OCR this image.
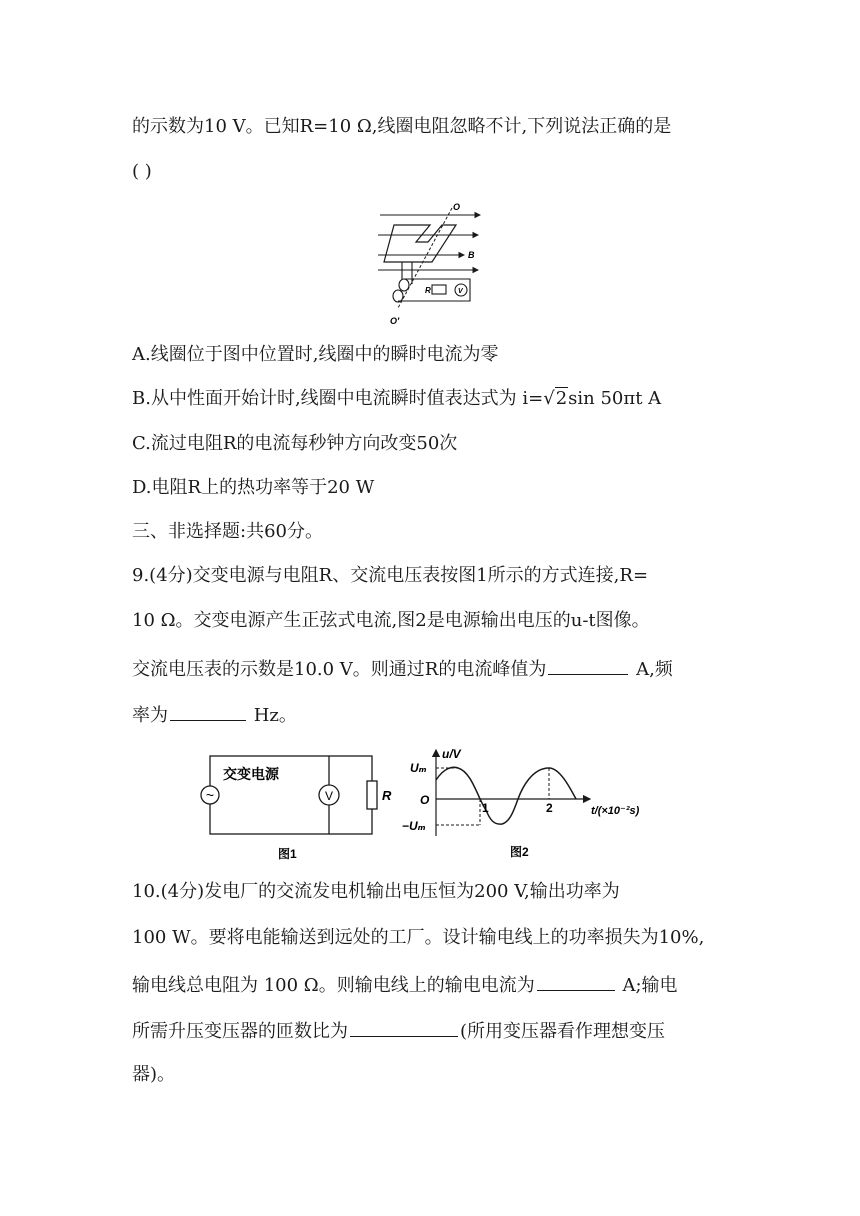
的示数为10 V。已知R=10 Ω,线圈电阻忽略不计,下列说法正确的是

( )

O
O′
B
R	V

A.线圈位于图中位置时,线圈中的瞬时电流为零

B.从中性面开始计时,线圈中电流瞬时值表达式为 i=√2sin 50πt A

C.流过电阻R的电流每秒钟方向改变50次

D.电阻R上的热功率等于20 W

三、非选择题:共60分。

9.(4分)交变电源与电阻R、交流电压表按图1所示的方式连接,R=

10 Ω。交变电源产生正弦式电流,图2是电源输出电压的u-t图像。

交流电压表的示数是10.0 V。则通过R的电流峰值为	A,频

率为	Hz。

~	V	R
交变电源
图1
u/V
Uₘ
O
−Uₘ
1	2	t/(×10⁻²s)
图2

10.(4分)发电厂的交流发电机输出电压恒为200 V,输出功率为

100 W。要将电能输送到远处的工厂。设计输电线上的功率损失为10%,

输电线总电阻为 100 Ω。则输电线上的输电电流为	A;输电

所需升压变压器的匝数比为	(所用变压器看作理想变压

器)。
